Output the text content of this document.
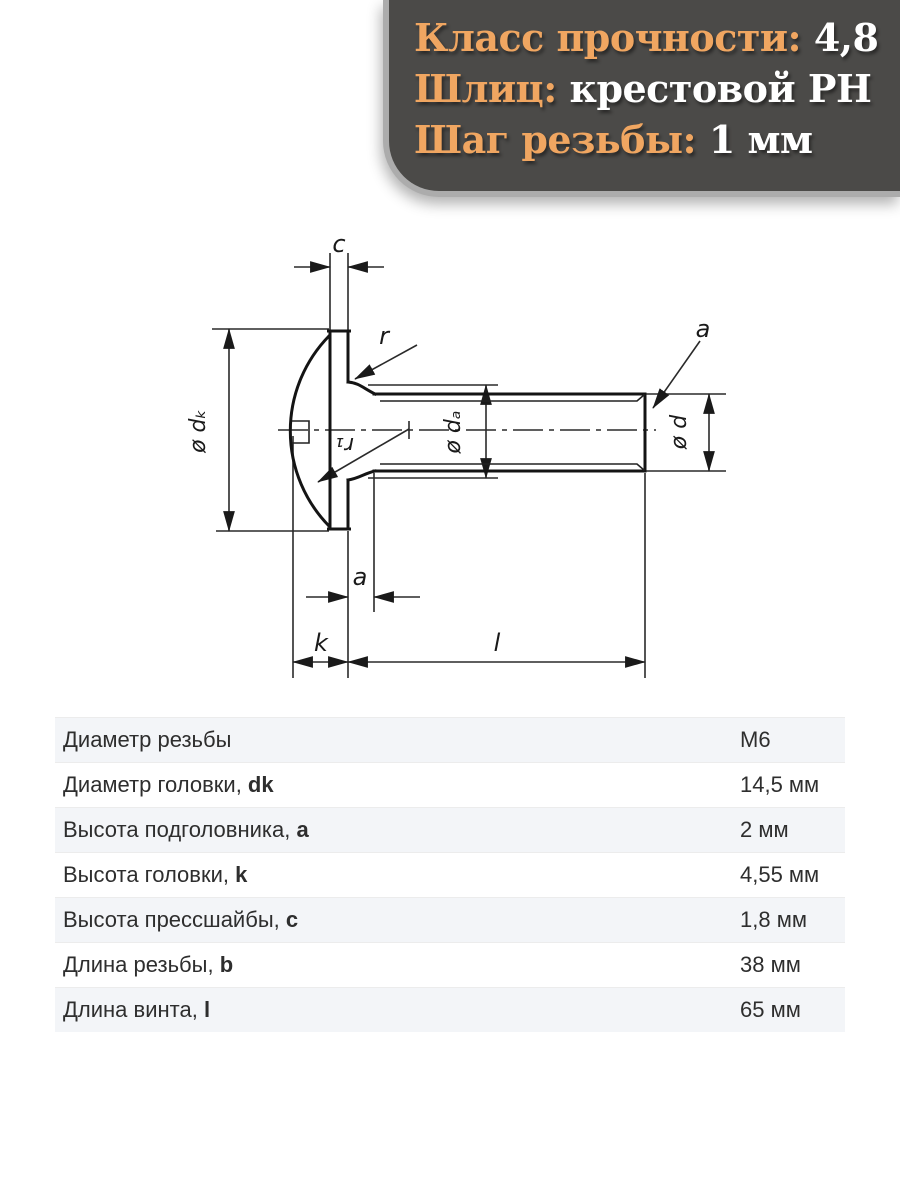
c
r	a
a
k	l
ø dₖ	ø dₐ	ø d
r₁
Класс прочности: 4,8
Шлиц: крестовой PH
Шаг резьбы: 1 мм
Диаметр резьбы	М6
Диаметр головки, dk	14,5 мм
Высота подголовника, a	2 мм
Высота головки, k	4,55 мм
Высота прессшайбы, c	1,8 мм
Длина резьбы, b	38 мм
Длина винта, l	65 мм
